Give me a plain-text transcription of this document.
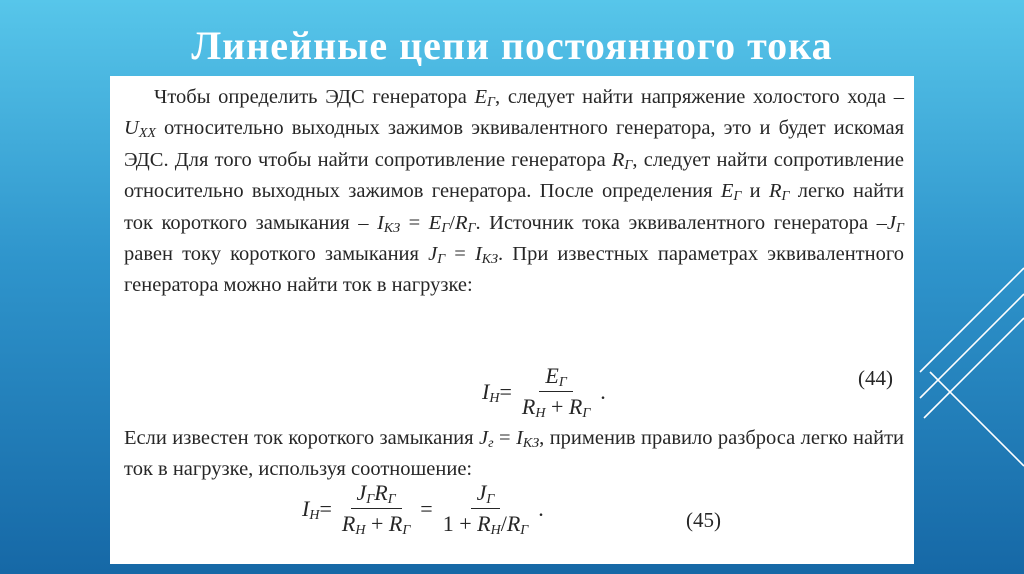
Линейные цепи постоянного тока
Чтобы определить ЭДС генератора $E_Г$, следует найти напряжение холостого хода – $U_{XX}$ относительно выходных зажимов эквивалентного генератора, это и будет искомая ЭДС. Для того чтобы найти сопротивление генератора $R_Г$, следует найти сопротивление относительно выходных зажимов генератора. После определения $E_Г$ и $R_Г$ легко найти ток короткого замыкания – $I_{КЗ} = E_Г/R_Г$. Источник тока эквивалентного генератора $-J_Г$ равен току короткого замыкания $J_Г = I_{КЗ}$. При известных параметрах эквивалентного генератора можно найти ток в нагрузке:
$I_Н = \frac{E_Г}{R_Н + R_Г}$ .
(44)
Если известен ток короткого замыкания $J_г = I_{КЗ}$, применив правило разброса легко найти ток в нагрузке, используя соотношение:
$I_Н = \frac{J_ГR_Г}{R_Н + R_Г} = \frac{J_Г}{1 + R_Н/R_Г}$ .	(45)
